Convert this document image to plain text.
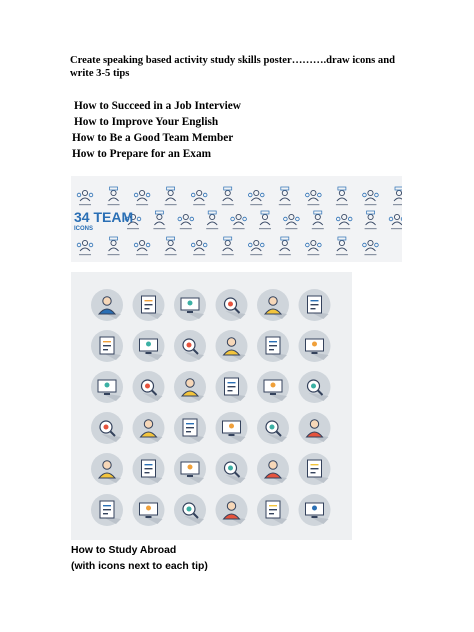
Create speaking based activity study skills poster……….draw icons and write 3-5 tips
How to Succeed in a Job Interview
How to Improve Your English
How to Be a Good Team Member
How to Prepare for an Exam
34 TEAM
ICONS
How to Study Abroad
(with icons next to each tip)
